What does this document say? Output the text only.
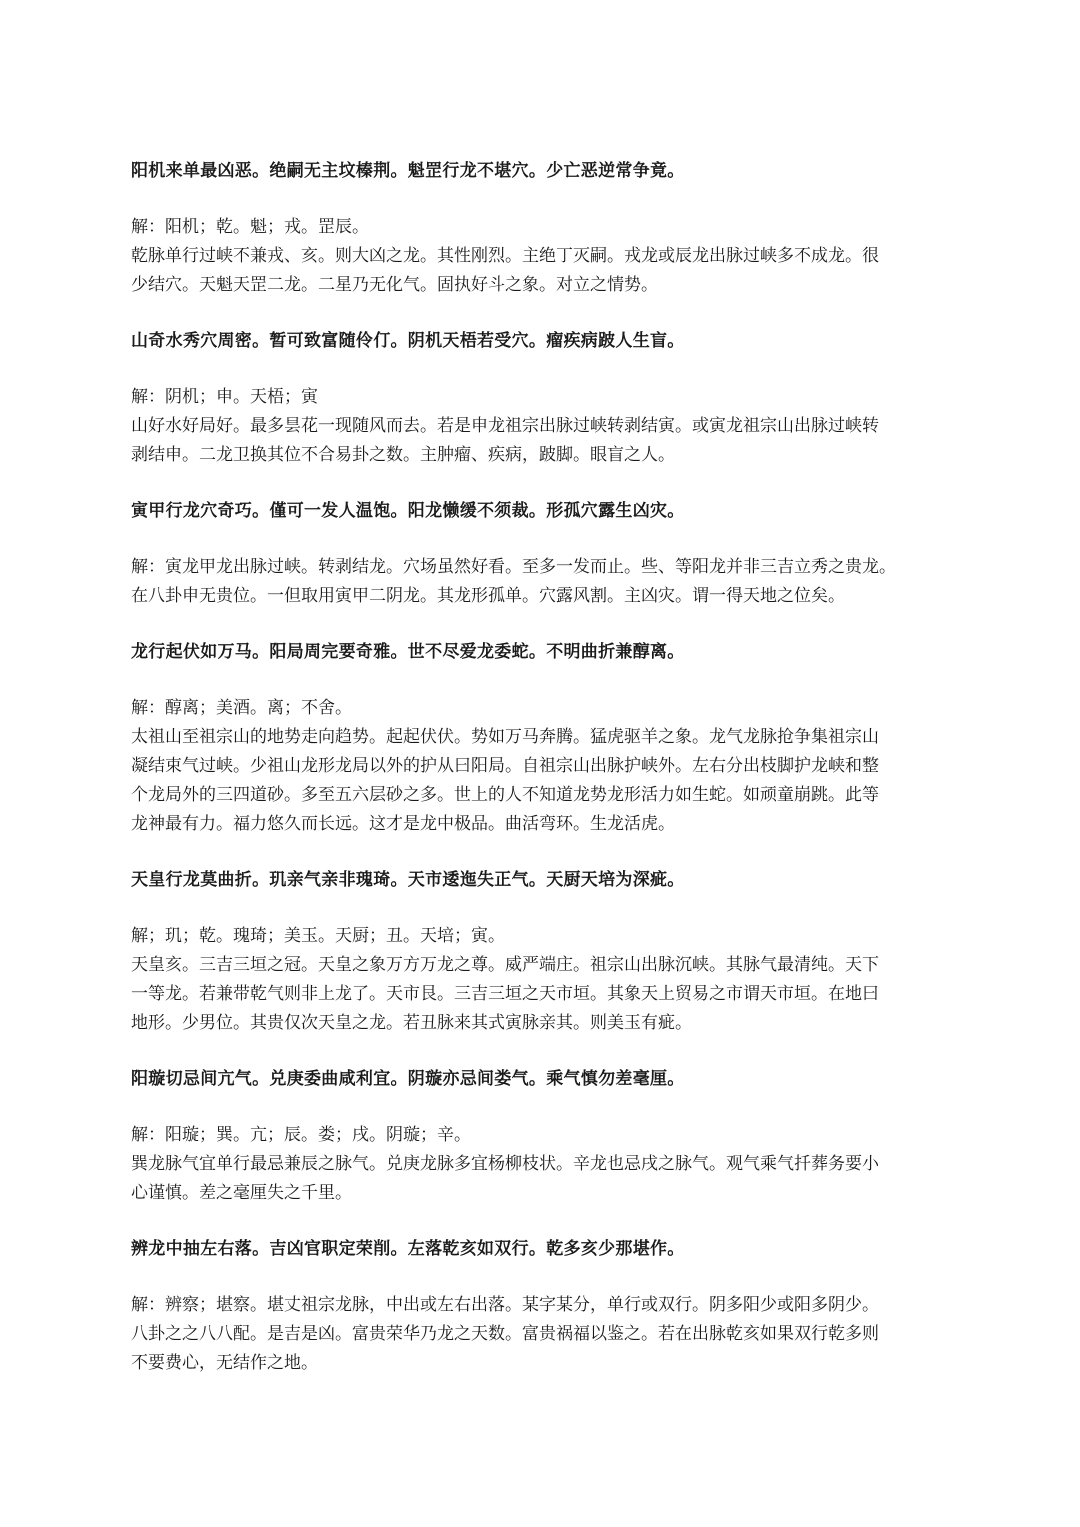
阳机来单最凶恶。绝嗣无主坟榛荆。魁罡行龙不堪穴。少亡恶逆常争竟。

解：阳机；乾。魁；戎。罡辰。

乾脉单行过峡不兼戎、亥。则大凶之龙。其性刚烈。主绝丁灭嗣。戎龙或辰龙出脉过峡多不成龙。很

少结穴。天魁天罡二龙。二星乃无化气。固执好斗之象。对立之情势。

山奇水秀穴周密。暂可致富随伶仃。阴机天梧若受穴。瘤疾病跛人生盲。

解：阴机；申。天梧；寅

山好水好局好。最多昙花一现随风而去。若是申龙祖宗出脉过峡转剥结寅。或寅龙祖宗山出脉过峡转

剥结申。二龙卫换其位不合易卦之数。主肿瘤、疾病，跛脚。眼盲之人。

寅甲行龙穴奇巧。僅可一发人温饱。阳龙懒缓不须裁。形孤穴露生凶灾。

解：寅龙甲龙出脉过峡。转剥结龙。穴场虽然好看。至多一发而止。些、等阳龙并非三吉立秀之贵龙。

在八卦申无贵位。一但取用寅甲二阴龙。其龙形孤单。穴露风割。主凶灾。谓一得天地之位矣。

龙行起伏如万马。阳局周完要奇雅。世不尽爱龙委蛇。不明曲折兼醇离。

解：醇离；美酒。离；不舍。

太祖山至祖宗山的地势走向趋势。起起伏伏。势如万马奔腾。猛虎驱羊之象。龙气龙脉抢争集祖宗山

凝结束气过峡。少祖山龙形龙局以外的护从曰阳局。自祖宗山出脉护峡外。左右分出枝脚护龙峡和整

个龙局外的三四道砂。多至五六层砂之多。世上的人不知道龙势龙形活力如生蛇。如顽童崩跳。此等

龙神最有力。福力悠久而长远。这才是龙中极品。曲活弯环。生龙活虎。

天皇行龙莫曲折。玑亲气亲非瑰琦。天市逶迤失正气。天厨天培为深疵。

解；玑；乾。瑰琦；美玉。天厨；丑。天培；寅。

天皇亥。三吉三垣之冠。天皇之象万方万龙之尊。威严端庄。祖宗山出脉沉峡。其脉气最清纯。天下

一等龙。若兼带乾气则非上龙了。天市艮。三吉三垣之天市垣。其象天上贸易之市谓天市垣。在地曰

地形。少男位。其贵仅次天皇之龙。若丑脉来其式寅脉亲其。则美玉有疵。

阳璇切忌间亢气。兑庚委曲咸利宜。阴璇亦忌间娄气。乘气慎勿差毫厘。

解：阳璇；巽。亢；辰。娄；戌。阴璇；辛。

巽龙脉气宜单行最忌兼辰之脉气。兑庚龙脉多宜杨柳枝状。辛龙也忌戌之脉气。观气乘气扦葬务要小

心谨慎。差之毫厘失之千里。

辨龙中抽左右落。吉凶官职定荣削。左落乾亥如双行。乾多亥少那堪作。

解：辨察；堪察。堪丈祖宗龙脉，中出或左右出落。某字某分，单行或双行。阴多阳少或阳多阴少。

八卦之之八八配。是吉是凶。富贵荣华乃龙之天数。富贵祸福以鉴之。若在出脉乾亥如果双行乾多则

不要费心，无结作之地。
